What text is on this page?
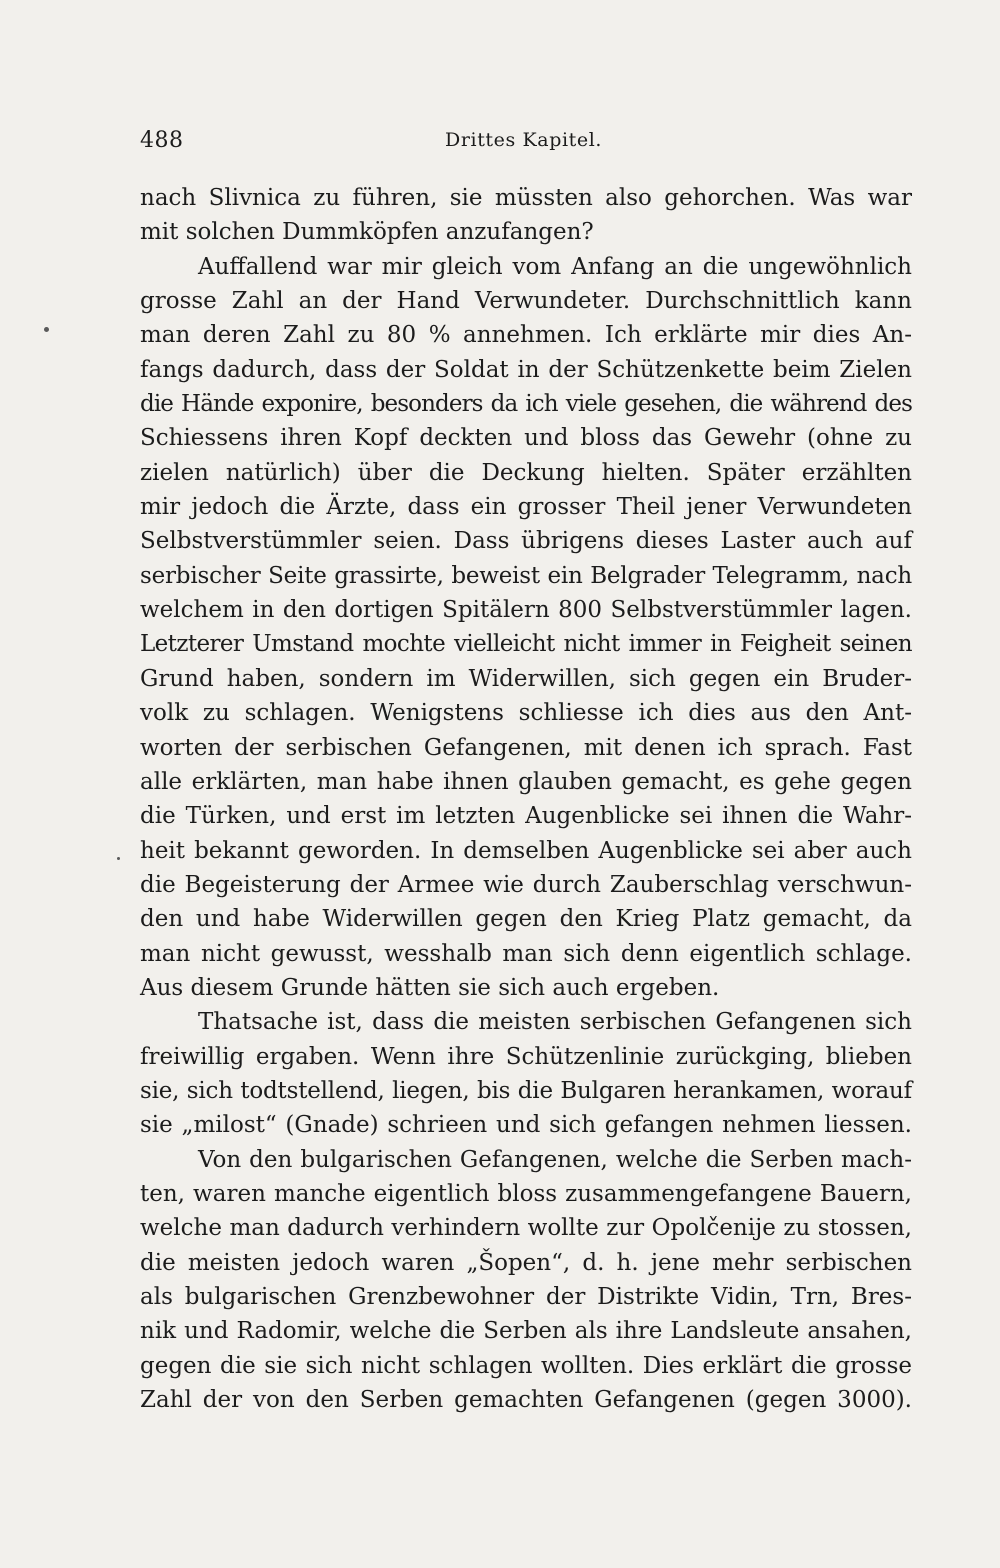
488	Drittes Kapitel.
nach Slivnica zu führen, sie müssten also gehorchen. Was war
mit solchen Dummköpfen anzufangen?
Auffallend war mir gleich vom Anfang an die ungewöhnlich
grosse Zahl an der Hand Verwundeter. Durchschnittlich kann
man deren Zahl zu 80 % annehmen. Ich erklärte mir dies An-
fangs dadurch, dass der Soldat in der Schützenkette beim Zielen
die Hände exponire, besonders da ich viele gesehen, die während des
Schiessens ihren Kopf deckten und bloss das Gewehr (ohne zu
zielen natürlich) über die Deckung hielten. Später erzählten
mir jedoch die Ärzte, dass ein grosser Theil jener Verwundeten
Selbstverstümmler seien. Dass übrigens dieses Laster auch auf
serbischer Seite grassirte, beweist ein Belgrader Telegramm, nach
welchem in den dortigen Spitälern 800 Selbstverstümmler lagen.
Letzterer Umstand mochte vielleicht nicht immer in Feigheit seinen
Grund haben, sondern im Widerwillen, sich gegen ein Bruder-
volk zu schlagen. Wenigstens schliesse ich dies aus den Ant-
worten der serbischen Gefangenen, mit denen ich sprach. Fast
alle erklärten, man habe ihnen glauben gemacht, es gehe gegen
die Türken, und erst im letzten Augenblicke sei ihnen die Wahr-
heit bekannt geworden. In demselben Augenblicke sei aber auch
die Begeisterung der Armee wie durch Zauberschlag verschwun-
den und habe Widerwillen gegen den Krieg Platz gemacht, da
man nicht gewusst, wesshalb man sich denn eigentlich schlage.
Aus diesem Grunde hätten sie sich auch ergeben.
Thatsache ist, dass die meisten serbischen Gefangenen sich
freiwillig ergaben. Wenn ihre Schützenlinie zurückging, blieben
sie, sich todtstellend, liegen, bis die Bulgaren herankamen, worauf
sie „milost“ (Gnade) schrieen und sich gefangen nehmen liessen.
Von den bulgarischen Gefangenen, welche die Serben mach-
ten, waren manche eigentlich bloss zusammengefangene Bauern,
welche man dadurch verhindern wollte zur Opolčenije zu stossen,
die meisten jedoch waren „Šopen“, d. h. jene mehr serbischen
als bulgarischen Grenzbewohner der Distrikte Vidin, Trn, Bres-
nik und Radomir, welche die Serben als ihre Landsleute ansahen,
gegen die sie sich nicht schlagen wollten. Dies erklärt die grosse
Zahl der von den Serben gemachten Gefangenen (gegen 3000).
